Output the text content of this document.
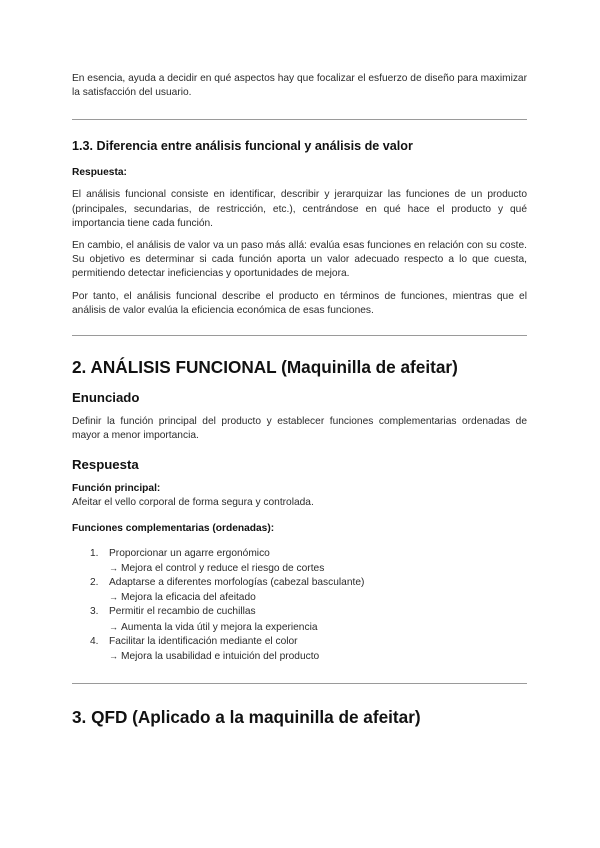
En esencia, ayuda a decidir en qué aspectos hay que focalizar el esfuerzo de diseño para maximizar la satisfacción del usuario.

1.3. Diferencia entre análisis funcional y análisis de valor
Respuesta:

El análisis funcional consiste en identificar, describir y jerarquizar las funciones de un producto (principales, secundarias, de restricción, etc.), centrándose en qué hace el producto y qué importancia tiene cada función.

En cambio, el análisis de valor va un paso más allá: evalúa esas funciones en relación con su coste. Su objetivo es determinar si cada función aporta un valor adecuado respecto a lo que cuesta, permitiendo detectar ineficiencias y oportunidades de mejora.

Por tanto, el análisis funcional describe el producto en términos de funciones, mientras que el análisis de valor evalúa la eficiencia económica de esas funciones.

2. ANÁLISIS FUNCIONAL (Maquinilla de afeitar)
Enunciado

Definir la función principal del producto y establecer funciones complementarias ordenadas de mayor a menor importancia.

Respuesta
Función principal:

Afeitar el vello corporal de forma segura y controlada.

Funciones complementarias (ordenadas):
1. Proporcionar un agarre ergonómico
→ Mejora el control y reduce el riesgo de cortes
2. Adaptarse a diferentes morfologías (cabezal basculante)
→ Mejora la eficacia del afeitado
3. Permitir el recambio de cuchillas
→ Aumenta la vida útil y mejora la experiencia
4. Facilitar la identificación mediante el color
→ Mejora la usabilidad e intuición del producto
3. QFD (Aplicado a la maquinilla de afeitar)
